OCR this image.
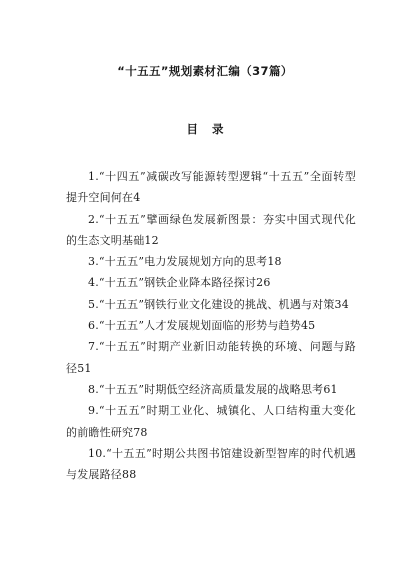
“十五五”规划素材汇编（37篇）
目 录
1.“十四五”减碳改写能源转型逻辑“十五五”全面转型提升空间何在4
2.“十五五”擘画绿色发展新图景：夯实中国式现代化的生态文明基础12
3.“十五五”电力发展规划方向的思考18
4.“十五五”钢铁企业降本路径探讨26
5.“十五五”钢铁行业文化建设的挑战、机遇与对策34
6.“十五五”人才发展规划面临的形势与趋势45
7.“十五五”时期产业新旧动能转换的环境、问题与路径51
8.“十五五”时期低空经济高质量发展的战略思考61
9.“十五五”时期工业化、城镇化、人口结构重大变化的前瞻性研究78
10.“十五五”时期公共图书馆建设新型智库的时代机遇与发展路径88
